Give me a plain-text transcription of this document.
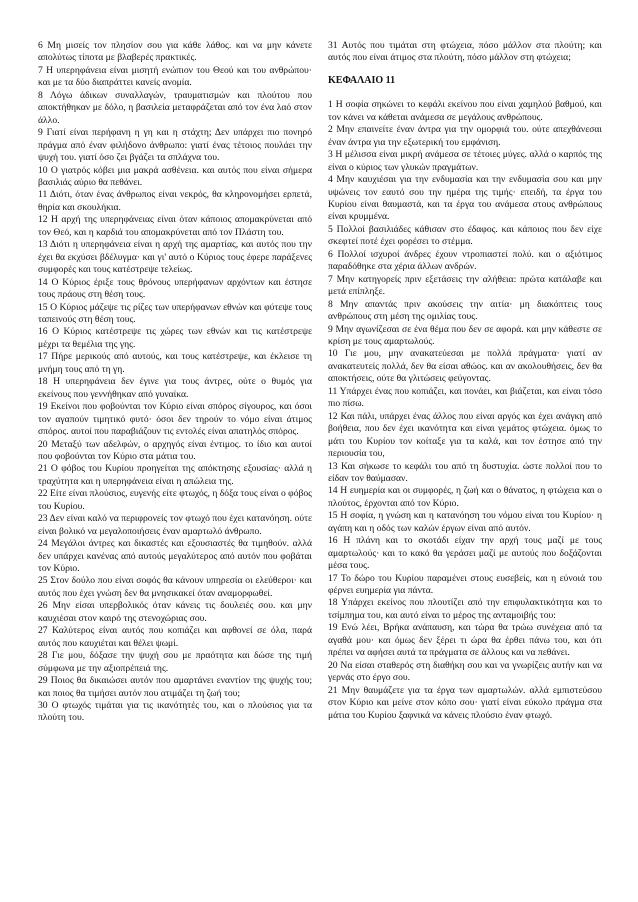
6 Μη μισείς τον πλησίον σου για κάθε λάθος. και να μην κάνετε απολύτως τίποτα με βλαβερές πρακτικές.

7 Η υπερηφάνεια είναι μισητή ενώπιον του Θεού και του ανθρώπου· και με τα δύο διαπράττει κανείς ανομία.

8 Λόγω άδικων συναλλαγών, τραυματισμών και πλούτου που αποκτήθηκαν με δόλο, η βασιλεία μεταφράζεται από τον ένα λαό στον άλλο.

9 Γιατί είναι περήφανη η γη και η στάχτη; Δεν υπάρχει πιο πονηρό πράγμα από έναν φιλήδονο άνθρωπο: γιατί ένας τέτοιος πουλάει την ψυχή του. γιατί όσο ζει βγάζει τα σπλάχνα του.

10 Ο γιατρός κόβει μια μακρά ασθένεια. και αυτός που είναι σήμερα βασιλιάς αύριο θα πεθάνει.

11 Διότι, όταν ένας άνθρωπος είναι νεκρός, θα κληρονομήσει ερπετά, θηρία και σκουλήκια.

12 Η αρχή της υπερηφάνειας είναι όταν κάποιος απομακρύνεται από τον Θεό, και η καρδιά του απομακρύνεται από τον Πλάστη του.

13 Διότι η υπερηφάνεια είναι η αρχή της αμαρτίας, και αυτός που την έχει θα εκχύσει βδέλυγμα· και γι' αυτό ο Κύριος τους έφερε παράξενες συμφορές και τους κατέστρεψε τελείως.

14 Ο Κύριος έριξε τους θρόνους υπερήφανων αρχόντων και έστησε τους πράους στη θέση τους.

15 Ο Κύριος μάζεψε τις ρίζες των υπερήφανων εθνών και φύτεψε τους ταπεινούς στη θέση τους.

16 Ο Κύριος κατέστρεψε τις χώρες των εθνών και τις κατέστρεψε μέχρι τα θεμέλια της γης.

17 Πήρε μερικούς από αυτούς, και τους κατέστρεψε, και έκλεισε τη μνήμη τους από τη γη.

18 Η υπερηφάνεια δεν έγινε για τους άντρες, ούτε ο θυμός για εκείνους που γεννήθηκαν από γυναίκα.

19 Εκείνοι που φοβούνται τον Κύριο είναι σπόρος σίγουρος, και όσοι τον αγαπούν τιμητικό φυτό· όσοι δεν τηρούν το νόμο είναι άτιμος σπόρος. αυτοί που παραβιάζουν τις εντολές είναι απατηλός σπόρος.

20 Μεταξύ των αδελφών, ο αρχηγός είναι έντιμος. το ίδιο και αυτοί που φοβούνται τον Κύριο στα μάτια του.

21 Ο φόβος του Κυρίου προηγείται της απόκτησης εξουσίας· αλλά η τραχύτητα και η υπερηφάνεια είναι η απώλεια της.

22 Είτε είναι πλούσιος, ευγενής είτε φτωχός, η δόξα τους είναι ο φόβος του Κυρίου.

23 Δεν είναι καλό να περιφρονείς τον φτωχό που έχει κατανόηση. ούτε είναι βολικό να μεγαλοποιήσεις έναν αμαρτωλό άνθρωπο.

24 Μεγάλοι άντρες και δικαστές και εξουσιαστές θα τιμηθούν. αλλά δεν υπάρχει κανένας από αυτούς μεγαλύτερος από αυτόν που φοβάται τον Κύριο.

25 Στον δούλο που είναι σοφός θα κάνουν υπηρεσία οι ελεύθεροι· και αυτός που έχει γνώση δεν θα μνησικακεί όταν αναμορφωθεί.

26 Μην είσαι υπερβολικός όταν κάνεις τις δουλειές σου. και μην καυχιέσαι στον καιρό της στενοχώριας σου.

27 Καλύτερος είναι αυτός που κοπιάζει και αφθονεί σε όλα, παρά αυτός που καυχιέται και θέλει ψωμί.

28 Γιε μου, δόξασε την ψυχή σου με πραότητα και δώσε της τιμή σύμφωνα με την αξιοπρέπειά της.

29 Ποιος θα δικαιώσει αυτόν που αμαρτάνει εναντίον της ψυχής του; και ποιος θα τιμήσει αυτόν που ατιμάζει τη ζωή του;

30 Ο φτωχός τιμάται για τις ικανότητές του, και ο πλούσιος για τα πλούτη του.

31 Αυτός που τιμάται στη φτώχεια, πόσο μάλλον στα πλούτη; και αυτός που είναι άτιμος στα πλούτη, πόσο μάλλον στη φτώχεια;

ΚΕΦΑΛΑΙΟ 11

1 Η σοφία σηκώνει το κεφάλι εκείνου που είναι χαμηλού βαθμού, και τον κάνει να κάθεται ανάμεσα σε μεγάλους ανθρώπους.

2 Μην επαινείτε έναν άντρα για την ομορφιά του. ούτε απεχθάνεσαι έναν άντρα για την εξωτερική του εμφάνιση.

3 Η μέλισσα είναι μικρή ανάμεσα σε τέτοιες μύγες. αλλά ο καρπός της είναι ο κύριος των γλυκών πραγμάτων.

4 Μην καυχιέσαι για την ενδυμασία και την ενδυμασία σου και μην υψώνεις τον εαυτό σου την ημέρα της τιμής· επειδή, τα έργα του Κυρίου είναι θαυμαστά, και τα έργα του ανάμεσα στους ανθρώπους είναι κρυμμένα.

5 Πολλοί βασιλιάδες κάθισαν στο έδαφος. και κάποιος που δεν είχε σκεφτεί ποτέ έχει φορέσει το στέμμα.

6 Πολλοί ισχυροί άνδρες έχουν ντροπιαστεί πολύ. και ο αξιότιμος παραδόθηκε στα χέρια άλλων ανδρών.

7 Μην κατηγορείς πριν εξετάσεις την αλήθεια: πρώτα κατάλαβε και μετά επίπληξε.

8 Μην απαντάς πριν ακούσεις την αιτία· μη διακόπτεις τους ανθρώπους στη μέση της ομιλίας τους.

9 Μην αγωνίζεσαι σε ένα θέμα που δεν σε αφορά. και μην κάθεστε σε κρίση με τους αμαρτωλούς.

10 Γιε μου, μην ανακατεύεσαι με πολλά πράγματα· γιατί αν ανακατευτείς πολλά, δεν θα είσαι αθώος. και αν ακολουθήσεις, δεν θα αποκτήσεις, ούτε θα γλιτώσεις φεύγοντας.

11 Υπάρχει ένας που κοπιάζει, και πονάει, και βιάζεται, και είναι τόσο πιο πίσω.

12 Και πάλι, υπάρχει ένας άλλος που είναι αργός και έχει ανάγκη από βοήθεια, που δεν έχει ικανότητα και είναι γεμάτος φτώχεια. όμως το μάτι του Κυρίου τον κοίταξε για τα καλά, και τον έστησε από την περιουσία του,

13 Και σήκωσε το κεφάλι του από τη δυστυχία. ώστε πολλοί που το είδαν τον θαύμασαν.

14 Η ευημερία και οι συμφορές, η ζωή και ο θάνατος, η φτώχεια και ο πλούτος, έρχονται από τον Κύριο.

15 Η σοφία, η γνώση και η κατανόηση του νόμου είναι του Κυρίου· η αγάπη και η οδός των καλών έργων είναι από αυτόν.

16 Η πλάνη και το σκοτάδι είχαν την αρχή τους μαζί με τους αμαρτωλούς· και το κακό θα γεράσει μαζί με αυτούς που δοξάζονται μέσα τους.

17 Το δώρο του Κυρίου παραμένει στους ευσεβείς, και η εύνοιά του φέρνει ευημερία για πάντα.

18 Υπάρχει εκείνος που πλουτίζει από την επιφυλακτικότητα και το τσίμπημα του, και αυτό είναι το μέρος της ανταμοιβής του:

19 Ενώ λέει, Βρήκα ανάπαυση, και τώρα θα τρώω συνέχεια από τα αγαθά μου· και όμως δεν ξέρει τι ώρα θα έρθει πάνω του, και ότι πρέπει να αφήσει αυτά τα πράγματα σε άλλους και να πεθάνει.

20 Να είσαι σταθερός στη διαθήκη σου και να γνωρίζεις αυτήν και να γερνάς στο έργο σου.

21 Μην θαυμάζετε για τα έργα των αμαρτωλών. αλλά εμπιστεύσου στον Κύριο και μείνε στον κόπο σου· γιατί είναι εύκολο πράγμα στα μάτια του Κυρίου ξαφνικά να κάνεις πλούσιο έναν φτωχό.
